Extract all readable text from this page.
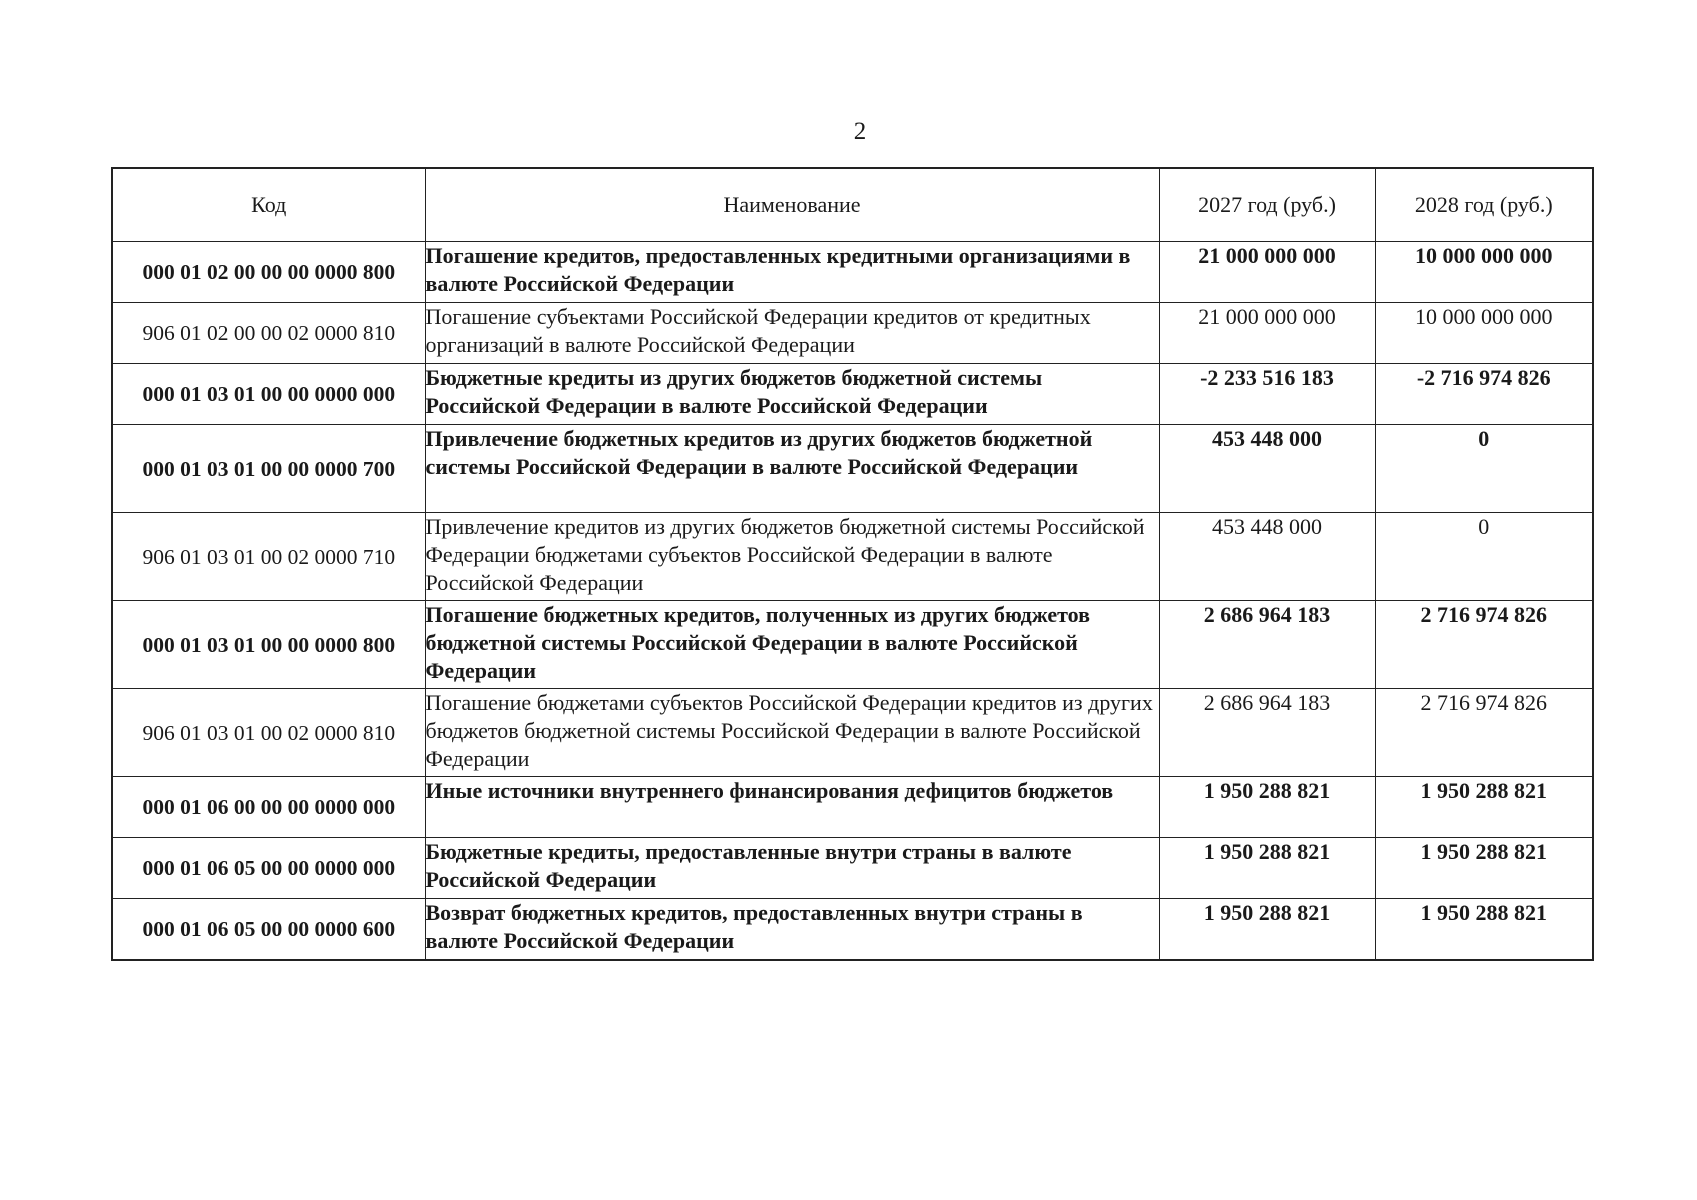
2
Код	Наименование	2027 год (руб.)	2028 год (руб.)
000 01 02 00 00 00 0000 800	Погашение кредитов, предоставленных кредитными организациями в валюте Российской Федерации	21 000 000 000	10 000 000 000
906 01 02 00 00 02 0000 810	Погашение субъектами Российской Федерации кредитов от кредитных организаций в валюте Российской Федерации	21 000 000 000	10 000 000 000
000 01 03 01 00 00 0000 000	Бюджетные кредиты из других бюджетов бюджетной системы Российской Федерации в валюте Российской Федерации	-2 233 516 183	-2 716 974 826
000 01 03 01 00 00 0000 700	Привлечение бюджетных кредитов из других бюджетов бюджетной системы Российской Федерации в валюте Российской Федерации	453 448 000	0
906 01 03 01 00 02 0000 710	Привлечение кредитов из других бюджетов бюджетной системы Российской Федерации бюджетами субъектов Российской Федерации в валюте Российской Федерации	453 448 000	0
000 01 03 01 00 00 0000 800	Погашение бюджетных кредитов, полученных из других бюджетов бюджетной системы Российской Федерации в валюте Российской Федерации	2 686 964 183	2 716 974 826
906 01 03 01 00 02 0000 810	Погашение бюджетами субъектов Российской Федерации кредитов из других бюджетов бюджетной системы Российской Федерации в валюте Российской Федерации	2 686 964 183	2 716 974 826
000 01 06 00 00 00 0000 000	Иные источники внутреннего финансирования дефицитов бюджетов	1 950 288 821	1 950 288 821
000 01 06 05 00 00 0000 000	Бюджетные кредиты, предоставленные внутри страны в валюте Российской Федерации	1 950 288 821	1 950 288 821
000 01 06 05 00 00 0000 600	Возврат бюджетных кредитов, предоставленных внутри страны в валюте Российской Федерации	1 950 288 821	1 950 288 821
